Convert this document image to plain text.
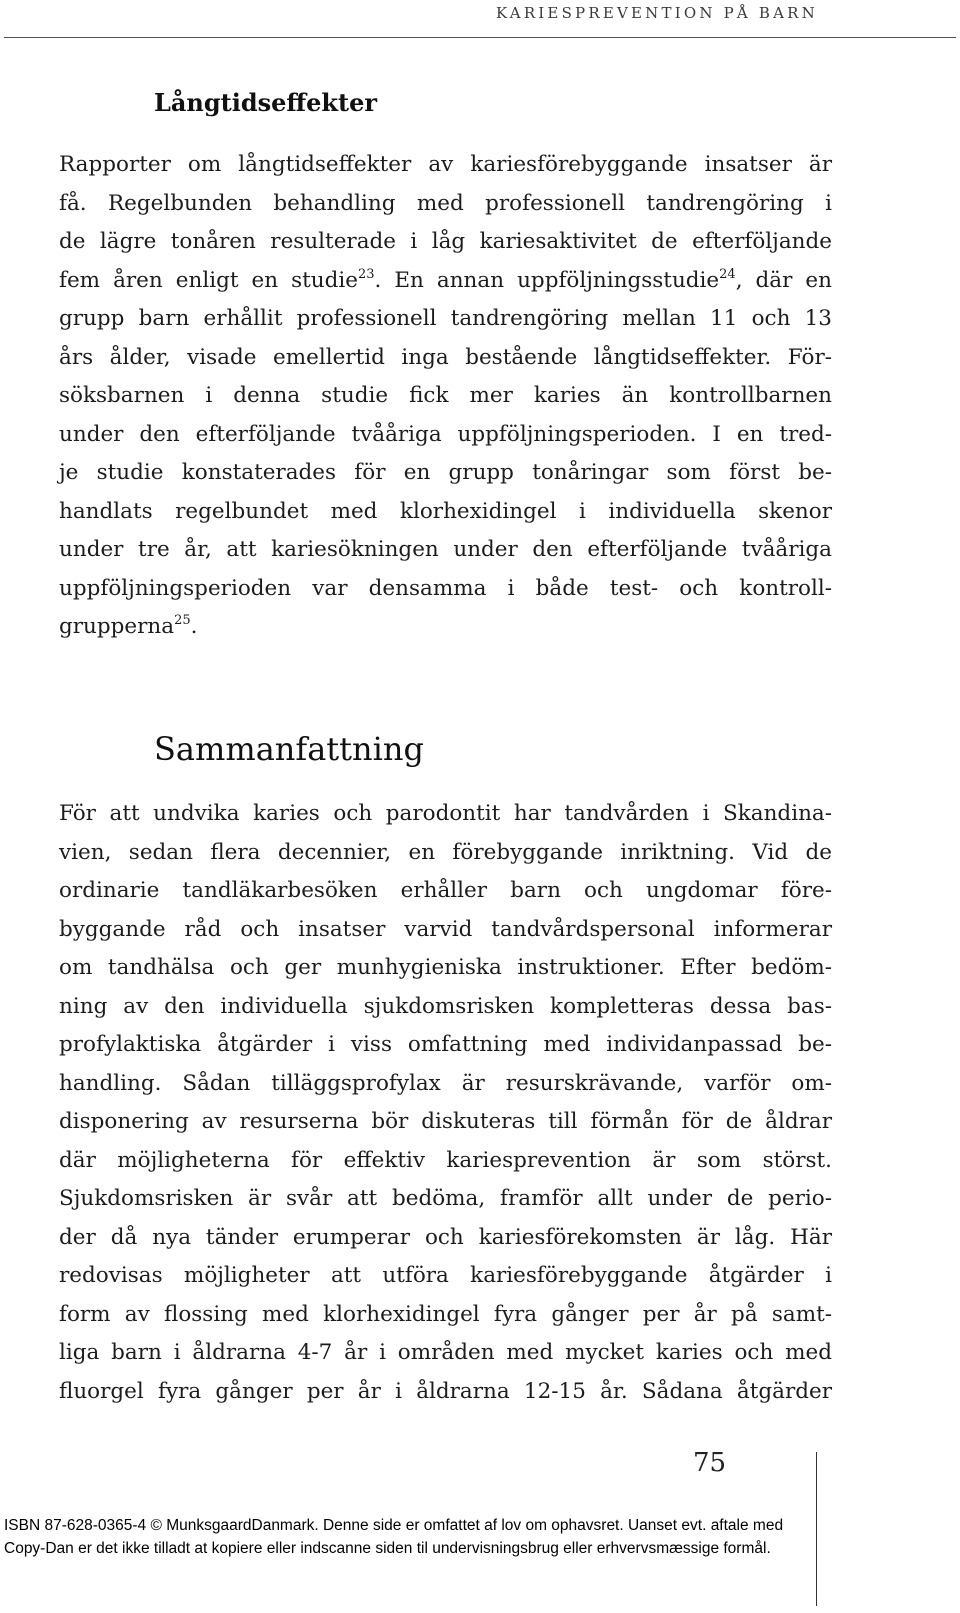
KARIESPREVENTION PÅ BARN
Långtidseffekter
Rapporter om långtidseffekter av kariesförebyggande insatser är
få. Regelbunden behandling med professionell tandrengöring i
de lägre tonåren resulterade i låg kariesaktivitet de efterföljande
fem åren enligt en studie$^{23}$. En annan uppföljningsstudie$^{24}$, där en
grupp barn erhållit professionell tandrengöring mellan 11 och 13
års ålder, visade emellertid inga bestående långtidseffekter. För-
söksbarnen i denna studie fick mer karies än kontrollbarnen
under den efterföljande tvååriga uppföljningsperioden. I en tred-
je studie konstaterades för en grupp tonåringar som först be-
handlats regelbundet med klorhexidingel i individuella skenor
under tre år, att kariesökningen under den efterföljande tvååriga
uppföljningsperioden var densamma i både test- och kontroll-
grupperna$^{25}$.
Sammanfattning
För att undvika karies och parodontit har tandvården i Skandina-
vien, sedan flera decennier, en förebyggande inriktning. Vid de
ordinarie tandläkarbesöken erhåller barn och ungdomar före-
byggande råd och insatser varvid tandvårdspersonal informerar
om tandhälsa och ger munhygieniska instruktioner. Efter bedöm-
ning av den individuella sjukdomsrisken kompletteras dessa bas-
profylaktiska åtgärder i viss omfattning med individanpassad be-
handling. Sådan tilläggsprofylax är resurskrävande, varför om-
disponering av resurserna bör diskuteras till förmån för de åldrar
där möjligheterna för effektiv kariesprevention är som störst.
Sjukdomsrisken är svår att bedöma, framför allt under de perio-
der då nya tänder erumperar och kariesförekomsten är låg. Här
redovisas möjligheter att utföra kariesförebyggande åtgärder i
form av flossing med klorhexidingel fyra gånger per år på samt-
liga barn i åldrarna 4-7 år i områden med mycket karies och med
fluorgel fyra gånger per år i åldrarna 12-15 år. Sådana åtgärder
75
ISBN 87-628-0365-4 © MunksgaardDanmark. Denne side er omfattet af lov om ophavsret. Uanset evt. aftale med
Copy-Dan er det ikke tilladt at kopiere eller indscanne siden til undervisningsbrug eller erhvervsmæssige formål.
